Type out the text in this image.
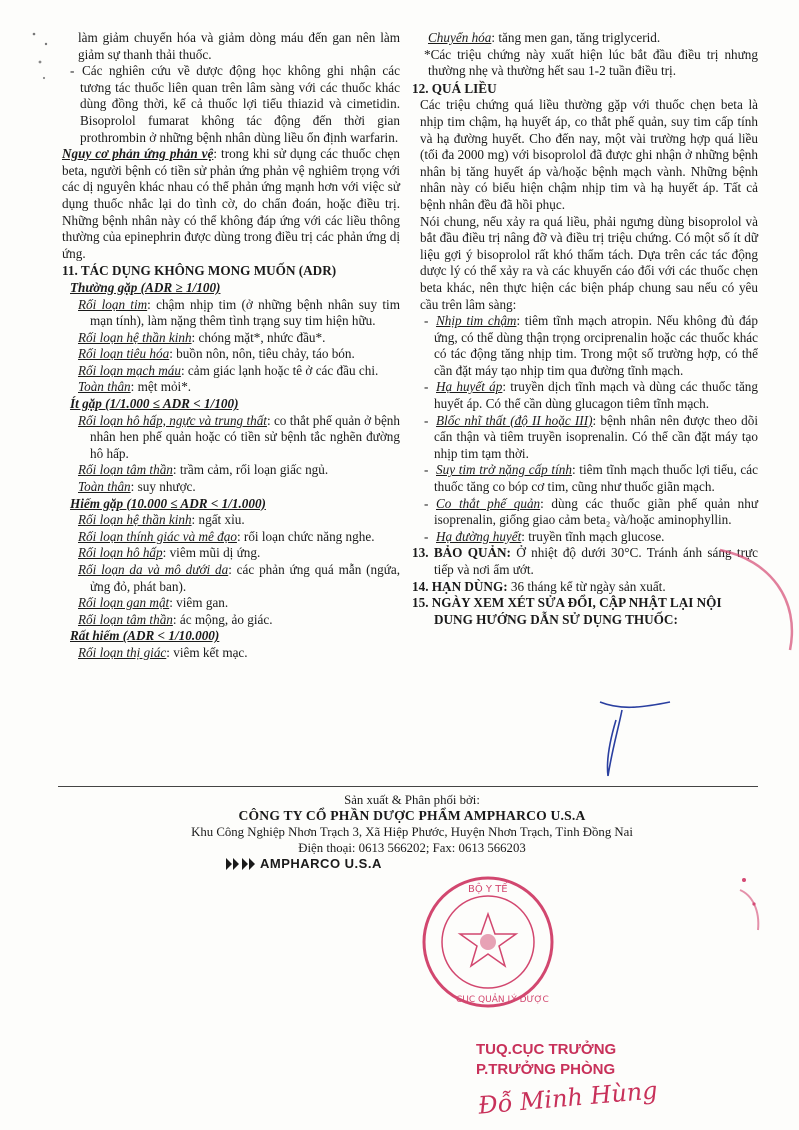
làm giảm chuyển hóa và giảm dòng máu đến gan nên làm giảm sự thanh thải thuốc.

- Các nghiên cứu về dược động học không ghi nhận các tương tác thuốc liên quan trên lâm sàng với các thuốc khác dùng đồng thời, kể cả thuốc lợi tiểu thiazid và cimetidin. Bisoprolol fumarat không tác động đến thời gian prothrombin ở những bệnh nhân dùng liều ổn định warfarin.

Nguy cơ phản ứng phản vệ: trong khi sử dụng các thuốc chẹn beta, người bệnh có tiền sử phản ứng phản vệ nghiêm trọng với các dị nguyên khác nhau có thể phản ứng mạnh hơn với việc sử dụng thuốc nhắc lại do tình cờ, do chẩn đoán, hoặc điều trị. Những bệnh nhân này có thể không đáp ứng với các liều thông thường của epinephrin được dùng trong điều trị các phản ứng dị ứng.

11. TÁC DỤNG KHÔNG MONG MUỐN (ADR)

Thường gặp (ADR ≥ 1/100)

Rối loạn tim: chậm nhịp tim (ở những bệnh nhân suy tim mạn tính), làm nặng thêm tình trạng suy tim hiện hữu.

Rối loạn hệ thần kinh: chóng mặt*, nhức đầu*.

Rối loạn tiêu hóa: buồn nôn, nôn, tiêu chảy, táo bón.

Rối loạn mạch máu: cảm giác lạnh hoặc tê ở các đầu chi.

Toàn thân: mệt mỏi*.

Ít gặp (1/1.000 ≤ ADR < 1/100)

Rối loạn hô hấp, ngực và trung thất: co thắt phế quản ở bệnh nhân hen phế quản hoặc có tiền sử bệnh tắc nghẽn đường hô hấp.

Rối loạn tâm thần: trầm cảm, rối loạn giấc ngủ.

Toàn thân: suy nhược.

Hiếm gặp (10.000 ≤ ADR < 1/1.000)

Rối loạn hệ thần kinh: ngất xỉu.

Rối loạn thính giác và mê đạo: rối loạn chức năng nghe.

Rối loạn hô hấp: viêm mũi dị ứng.

Rối loạn da và mô dưới da: các phản ứng quá mẫn (ngứa, ửng đỏ, phát ban).

Rối loạn gan mật: viêm gan.

Rối loạn tâm thần: ác mộng, ảo giác.

Rất hiếm (ADR < 1/10.000)

Rối loạn thị giác: viêm kết mạc.

Chuyển hóa: tăng men gan, tăng triglycerid.

*Các triệu chứng này xuất hiện lúc bắt đầu điều trị nhưng thường nhẹ và thường hết sau 1-2 tuần điều trị.

12. QUÁ LIỀU

Các triệu chứng quá liều thường gặp với thuốc chẹn beta là nhịp tim chậm, hạ huyết áp, co thắt phế quản, suy tim cấp tính và hạ đường huyết. Cho đến nay, một vài trường hợp quá liều (tối đa 2000 mg) với bisoprolol đã được ghi nhận ở những bệnh nhân bị tăng huyết áp và/hoặc bệnh mạch vành. Những bệnh nhân này có biểu hiện chậm nhịp tim và hạ huyết áp. Tất cả bệnh nhân đều đã hồi phục.

Nói chung, nếu xảy ra quá liều, phải ngưng dùng bisoprolol và bắt đầu điều trị nâng đỡ và điều trị triệu chứng. Có một số ít dữ liệu gợi ý bisoprolol rất khó thẩm tách. Dựa trên các tác động dược lý có thể xảy ra và các khuyến cáo đối với các thuốc chẹn beta khác, nên thực hiện các biện pháp chung sau nếu có yêu cầu trên lâm sàng:

- Nhịp tim chậm: tiêm tĩnh mạch atropin. Nếu không đủ đáp ứng, có thể dùng thận trọng orciprenalin hoặc các thuốc khác có tác động tăng nhịp tim. Trong một số trường hợp, có thể cần đặt máy tạo nhịp tim qua đường tĩnh mạch.

- Hạ huyết áp: truyền dịch tĩnh mạch và dùng các thuốc tăng huyết áp. Có thể cần dùng glucagon tiêm tĩnh mạch.

- Blốc nhĩ thất (độ II hoặc III): bệnh nhân nên được theo dõi cẩn thận và tiêm truyền isoprenalin. Có thể cần đặt máy tạo nhịp tim tạm thời.

- Suy tim trở nặng cấp tính: tiêm tĩnh mạch thuốc lợi tiểu, các thuốc tăng co bóp cơ tim, cũng như thuốc giãn mạch.

- Co thắt phế quản: dùng các thuốc giãn phế quản như isoprenalin, giống giao cảm beta₂ và/hoặc aminophyllin.

- Hạ đường huyết: truyền tĩnh mạch glucose.

13. BẢO QUẢN: Ở nhiệt độ dưới 30°C. Tránh ánh sáng trực tiếp và nơi ẩm ướt.

14. HẠN DÙNG: 36 tháng kể từ ngày sản xuất.

15. NGÀY XEM XÉT SỬA ĐỔI, CẬP NHẬT LẠI NỘI DUNG HƯỚNG DẪN SỬ DỤNG THUỐC:

Sản xuất & Phân phối bởi:
CÔNG TY CỔ PHẦN DƯỢC PHẨM AMPHARCO U.S.A
Khu Công Nghiệp Nhơn Trạch 3, Xã Hiệp Phước, Huyện Nhơn Trạch, Tỉnh Đồng Nai
Điện thoại: 0613 566202; Fax: 0613 566203
AMPHARCO U.S.A
BỘ Y TẾ
CỤC QUẢN LÝ DƯỢC
TUQ.CỤC TRƯỞNG
P.TRƯỞNG PHÒNG
Đỗ Minh Hùng
